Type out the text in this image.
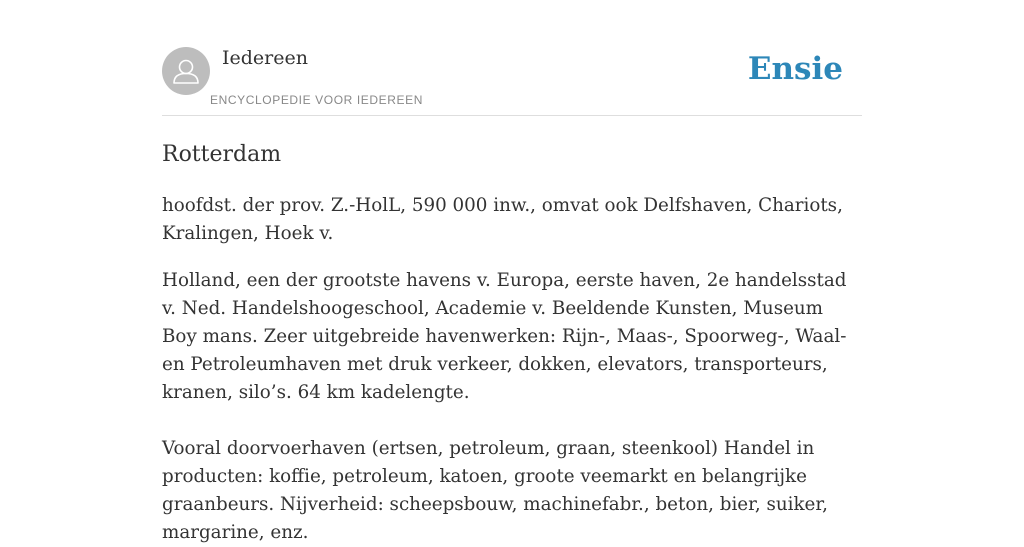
Iedereen
ENCYCLOPEDIE VOOR IEDEREEN
Ensie
Rotterdam

hoofdst. der prov. Z.-HolL, 590 000 inw., omvat ook Delfshaven, Chariots, Kralingen, Hoek v.

Holland, een der grootste havens v. Europa, eerste haven, 2e handelsstad v. Ned. Handelshoogeschool, Academie v. Beeldende Kunsten, Museum Boy mans. Zeer uitgebreide havenwerken: Rijn-, Maas-, Spoorweg-, Waal- en Petroleumhaven met druk verkeer, dokken, elevators, transporteurs, kranen, silo’s. 64 km kadelengte.

Vooral doorvoerhaven (ertsen, petroleum, graan, steenkool) Handel in producten: koffie, petroleum, katoen, groote veemarkt en belangrijke graanbeurs. Nijverheid: scheepsbouw, machinefabr., beton, bier, suiker, margarine, enz.
